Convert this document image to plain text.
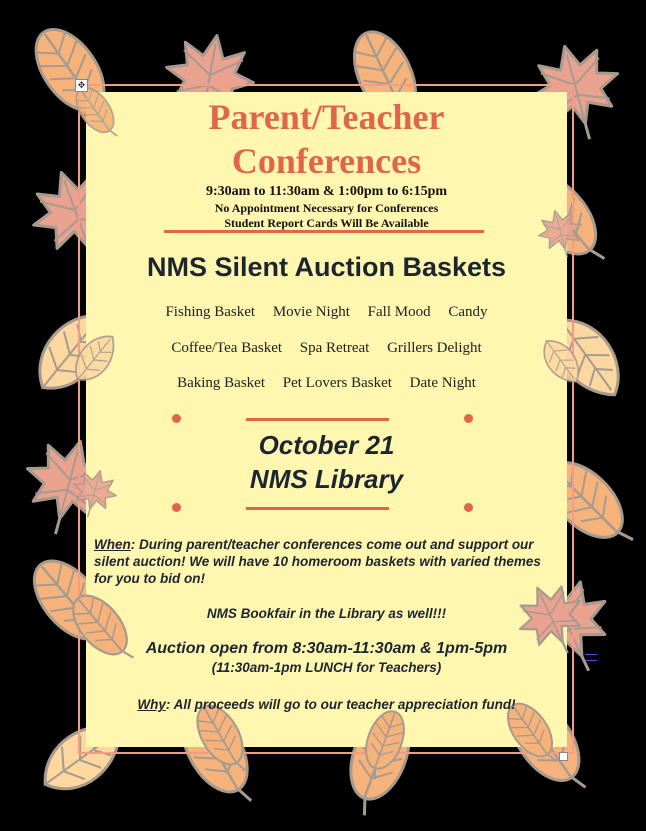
Parent/Teacher
Conferences
9:30am to 11:30am & 1:00pm to 6:15pm
No Appointment Necessary for Conferences
Student Report Cards Will Be Available
NMS Silent Auction Baskets
Fishing Basket Movie Night Fall Mood Candy
Coffee/Tea Basket Spa Retreat Grillers Delight
Baking Basket Pet Lovers Basket Date Night
October 21
NMS Library
When: During parent/teacher conferences come out and support our silent auction! We will have 10 homeroom baskets with varied themes for you to bid on!
NMS Bookfair in the Library as well!!!
Auction open from 8:30am-11:30am & 1pm-5pm
(11:30am-1pm LUNCH for Teachers)
Why: All proceeds will go to our teacher appreciation fund!
✥
